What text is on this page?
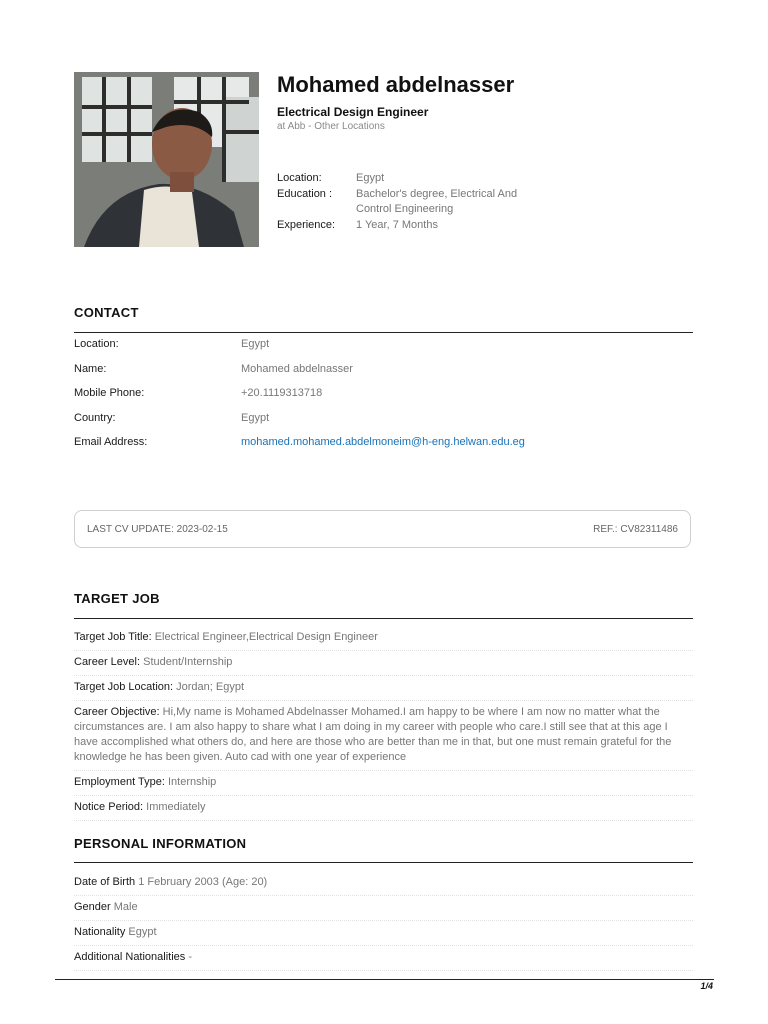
Mohamed abdelnasser
Electrical Design Engineer
at Abb - Other Locations
Location:	Egypt
Education :	Bachelor's degree, Electrical And Control Engineering
Experience:	1 Year, 7 Months
CONTACT
Location:	Egypt
Name:	Mohamed abdelnasser
Mobile Phone:	+20.1119313718
Country:	Egypt
Email Address:	mohamed.mohamed.abdelmoneim@h-eng.helwan.edu.eg
LAST CV UPDATE: 2023-02-15	REF.: CV82311486
TARGET JOB
Target Job Title: Electrical Engineer,Electrical Design Engineer
Career Level: Student/Internship
Target Job Location: Jordan; Egypt
Career Objective: Hi,My name is Mohamed Abdelnasser Mohamed.I am happy to be where I am now no matter what the circumstances are. I am also happy to share what I am doing in my career with people who care.I still see that at this age I have accomplished what others do, and here are those who are better than me in that, but one must remain grateful for the knowledge he has been given. Auto cad with one year of experience
Employment Type: Internship
Notice Period: Immediately
PERSONAL INFORMATION
Date of Birth 1 February 2003 (Age: 20)
Gender Male
Nationality Egypt
Additional Nationalities -
1/4
